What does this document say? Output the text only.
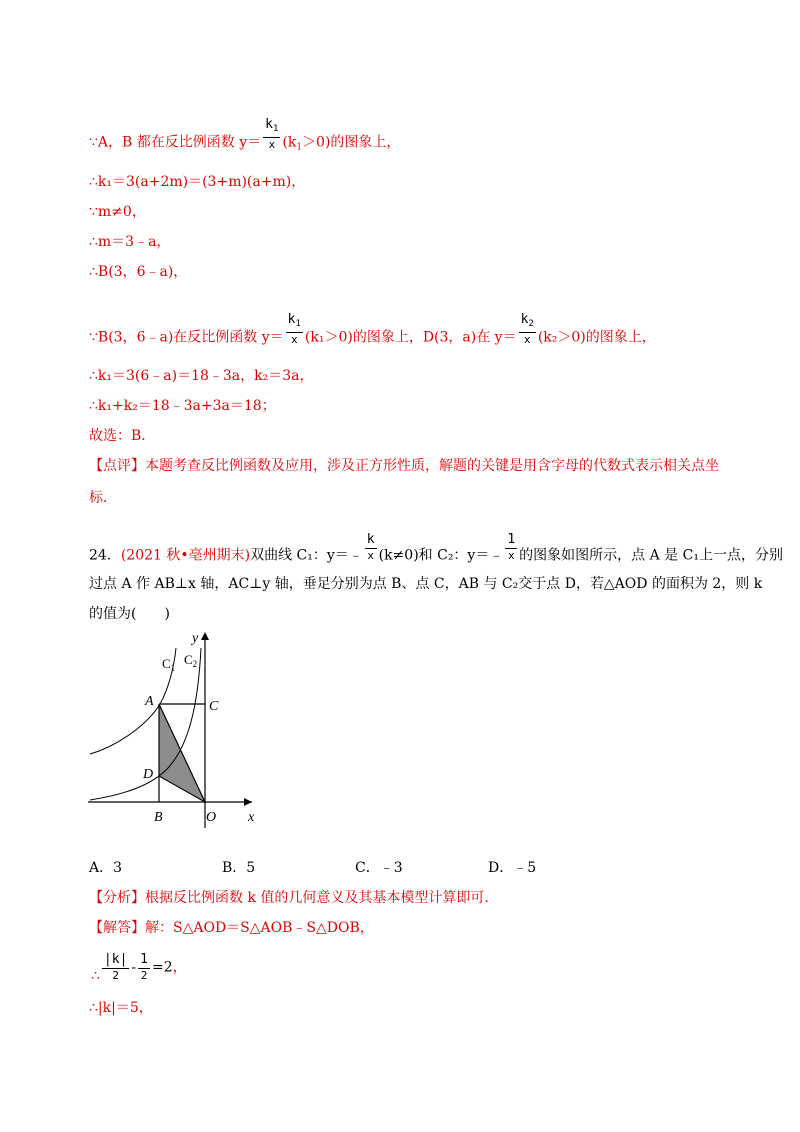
∵A，B 都在反比例函数 $y= \frac{k_1}{x} (k_1>0)$的图象上，
∴k₁＝3(a+2m)＝(3+m)(a+m)，
∵m≠0，
∴m＝3﹣a，
∴B(3，6﹣a)，
∵B(3，6﹣a)在反比例函数 $y= \frac{k_1}{x} (k_1>0)$的图象上，D(3，a)在 $y= \frac{k_2}{x} (k_2>0)$的图象上，
∴k₁＝3(6﹣a)＝18﹣3a，k₂＝3a，
∴k₁+k₂＝18﹣3a+3a＝18；
故选：B．
【点评】本题考查反比例函数及应用，涉及正方形性质，解题的关键是用含字母的代数式表示相关点坐
标．
24．(2021 秋•亳州期末)双曲线 C₁：y＝﹣ $\frac{k}{x} (k\ne 0)$和 C₂：y＝﹣ $\frac{1}{x}$ 的图象如图所示，点 A 是 C₁上一点，分别
过点 A 作 AB⊥x 轴，AC⊥y 轴，垂足分别为点 B、点 C，AB 与 C₂交于点 D，若△AOD 的面积为 2，则 k
的值为(　　)
y
x
$C_1$
$C_2$
A	C
D
B	O
A．3	B．5	C．﹣3	D．﹣5
【分析】根据反比例函数 k 值的几何意义及其基本模型计算即可．
【解答】解：S△AOD＝S△AOB﹣S△DOB，
∴ $\frac{|k|}{2} - \frac{1}{2} =2$，
∴|k|＝5，
